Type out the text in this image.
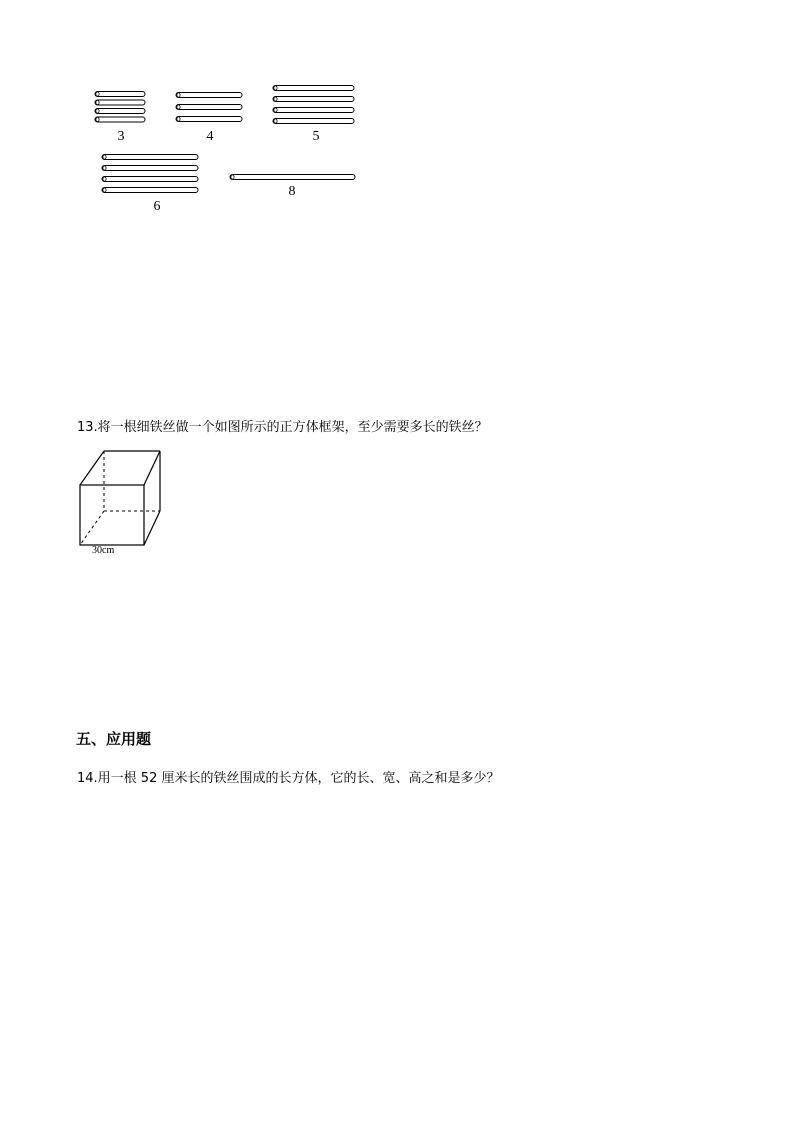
3	4	5
6
8
13.将一根细铁丝做一个如图所示的正方体框架，至少需要多长的铁丝？
30cm
五、应用题
14.用一根 52 厘米长的铁丝围成的长方体，它的长、宽、高之和是多少？
